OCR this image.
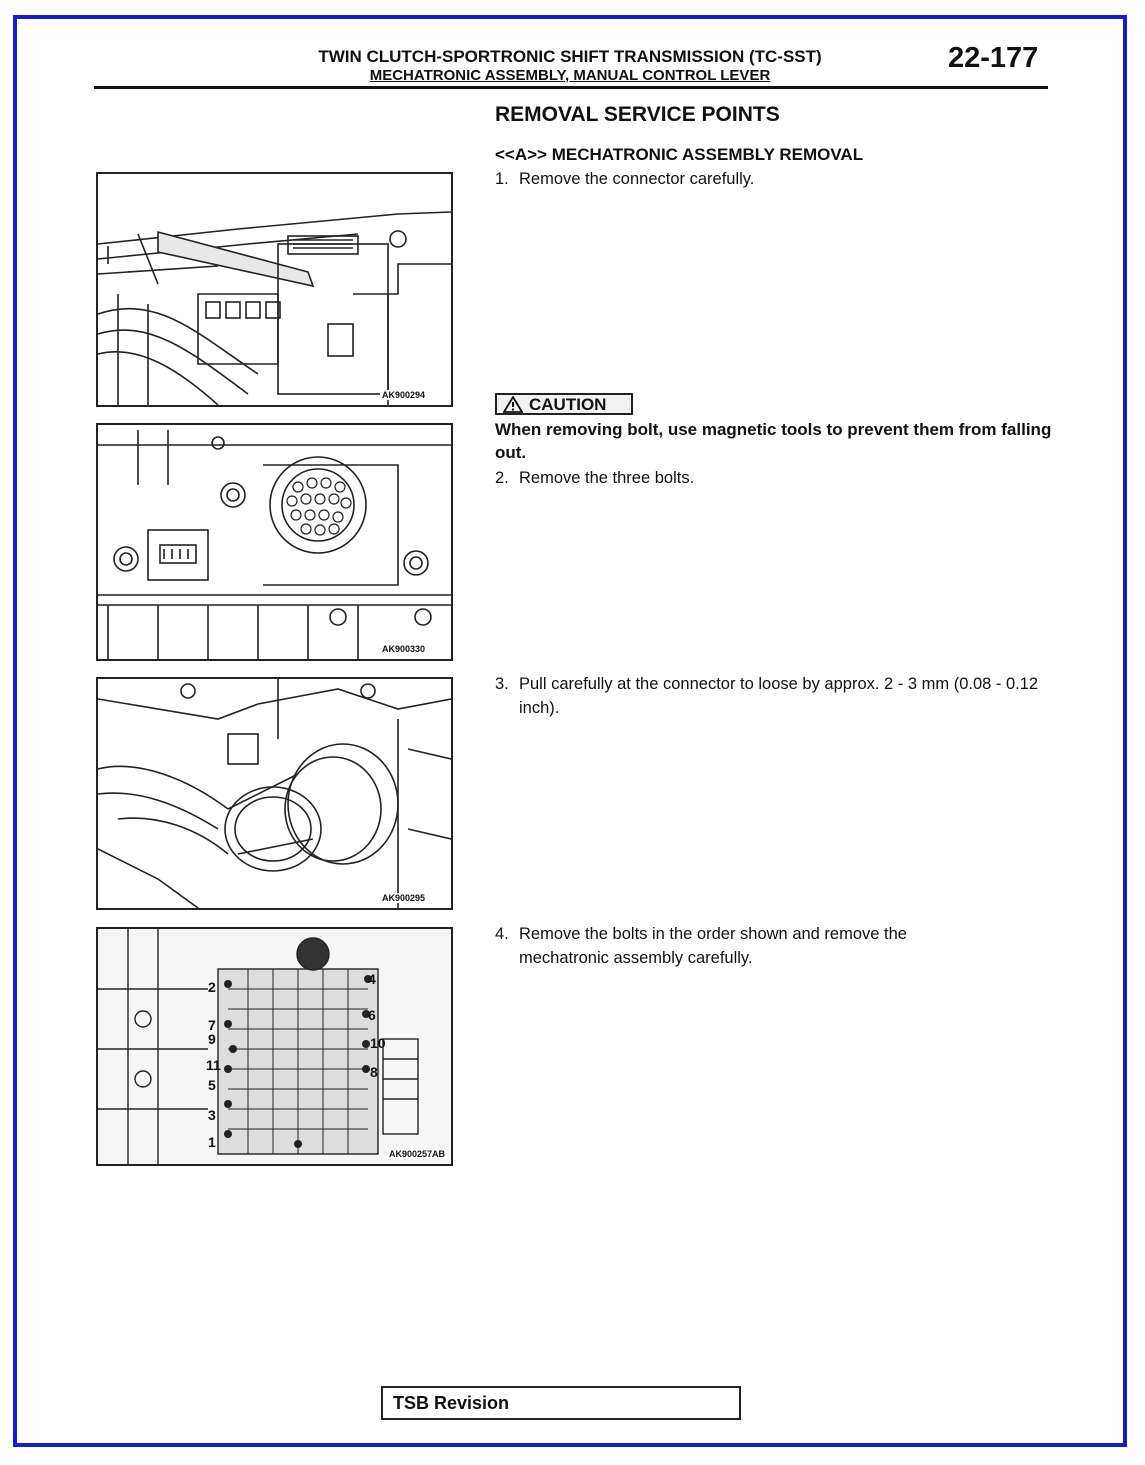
TWIN CLUTCH-SPORTRONIC SHIFT TRANSMISSION (TC-SST)
MECHATRONIC ASSEMBLY, MANUAL CONTROL LEVER
22-177
AK900294
AK900330
AK900295
2
7
9
11
5
3
1
4
6
10
8
AK900257AB
REMOVAL SERVICE POINTS
<<A>> MECHATRONIC ASSEMBLY REMOVAL
1. Remove the connector carefully.
CAUTION
When removing bolt, use magnetic tools to prevent them from falling out.
2. Remove the three bolts.
3. Pull carefully at the connector to loose by approx. 2 - 3 mm (0.08 - 0.12 inch).
4. Remove the bolts in the order shown and remove the mechatronic assembly carefully.
TSB Revision
